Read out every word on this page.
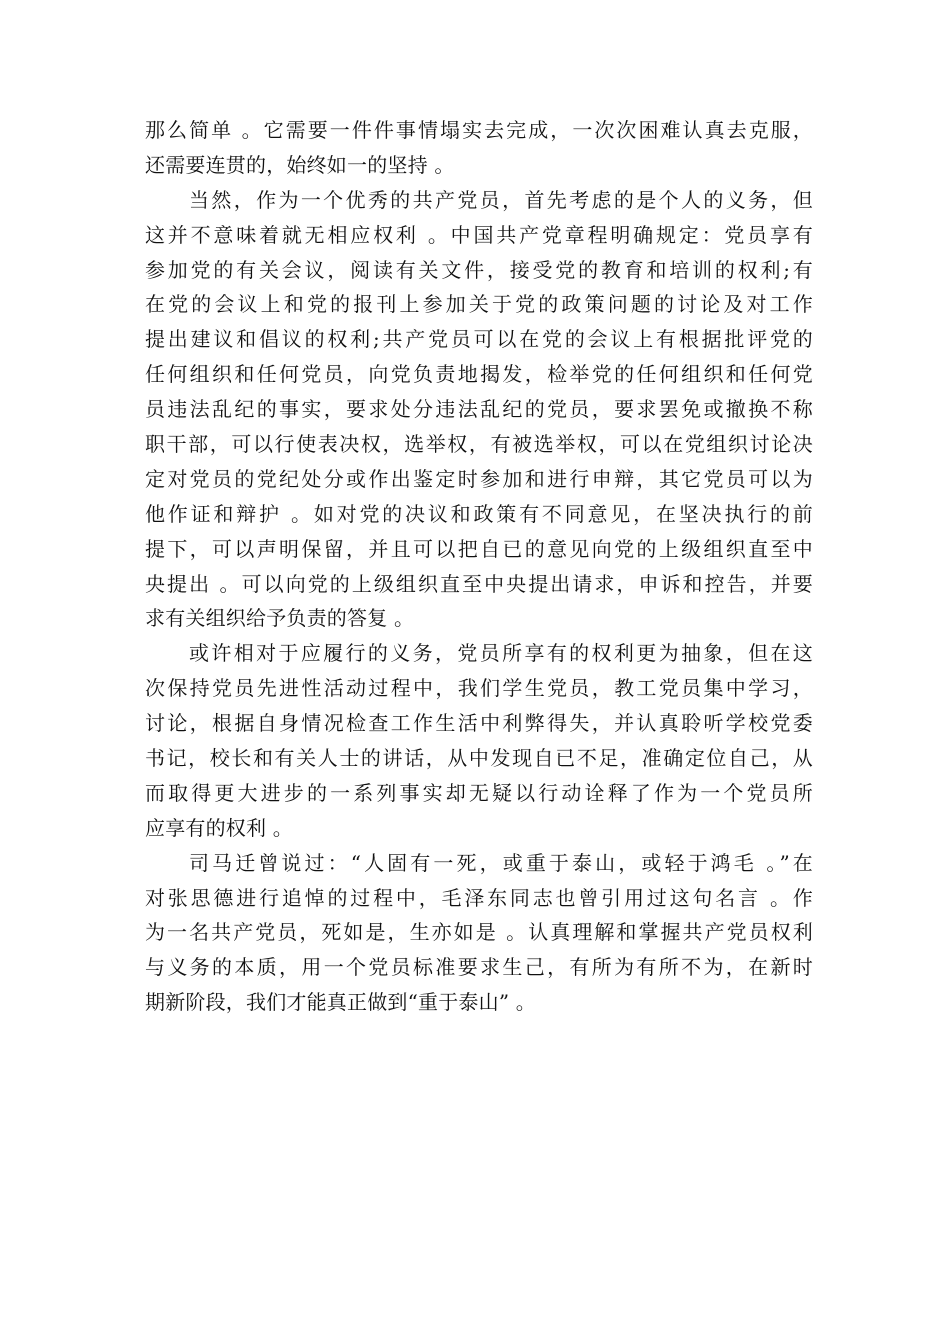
那么简单 。它需要一件件事情塌实去完成，一次次困难认真去克服，
还需要连贯的，始终如一的坚持 。
当然，作为一个优秀的共产党员，首先考虑的是个人的义务，但
这并不意味着就无相应权利 。中国共产党章程明确规定：党员享有
参加党的有关会议，阅读有关文件，接受党的教育和培训的权利;有
在党的会议上和党的报刊上参加关于党的政策问题的讨论及对工作
提出建议和倡议的权利;共产党员可以在党的会议上有根据批评党的
任何组织和任何党员，向党负责地揭发，检举党的任何组织和任何党
员违法乱纪的事实，要求处分违法乱纪的党员，要求罢免或撤换不称
职干部，可以行使表决权，选举权，有被选举权，可以在党组织讨论决
定对党员的党纪处分或作出鉴定时参加和进行申辩，其它党员可以为
他作证和辩护 。如对党的决议和政策有不同意见，在坚决执行的前
提下，可以声明保留，并且可以把自已的意见向党的上级组织直至中
央提出 。可以向党的上级组织直至中央提出请求，申诉和控告，并要
求有关组织给予负责的答复 。
或许相对于应履行的义务，党员所享有的权利更为抽象，但在这
次保持党员先进性活动过程中，我们学生党员，教工党员集中学习，
讨论，根据自身情况检查工作生活中利弊得失，并认真聆听学校党委
书记，校长和有关人士的讲话，从中发现自已不足，准确定位自己，从
而取得更大进步的一系列事实却无疑以行动诠释了作为一个党员所
应享有的权利 。
司马迁曾说过：“人固有一死，或重于泰山，或轻于鸿毛 。”在
对张思德进行追悼的过程中，毛泽东同志也曾引用过这句名言 。作
为一名共产党员，死如是，生亦如是 。认真理解和掌握共产党员权利
与义务的本质，用一个党员标准要求生己，有所为有所不为，在新时
期新阶段，我们才能真正做到“重于泰山” 。
